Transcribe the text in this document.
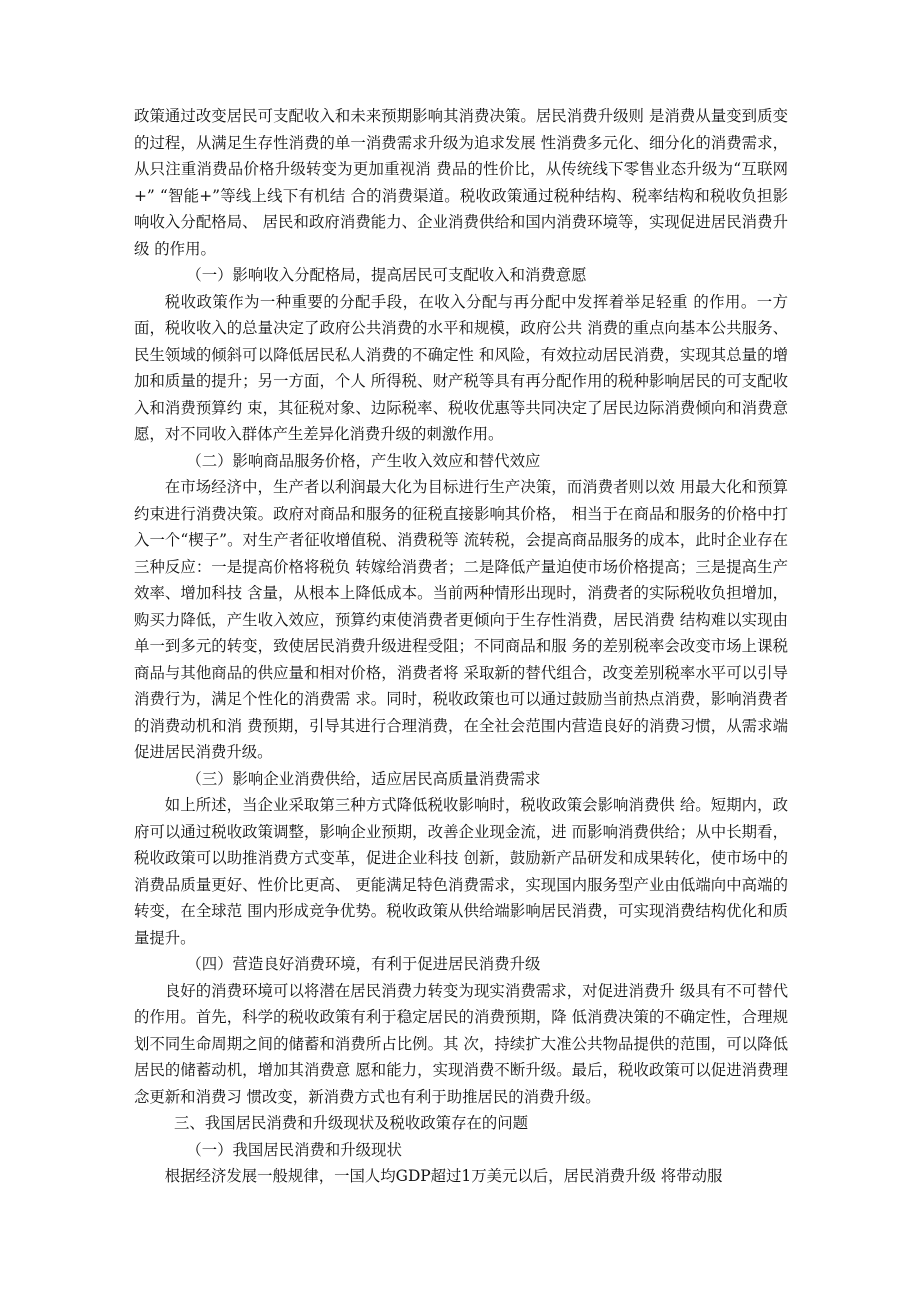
政策通过改变居民可支配收入和未来预期影响其消费决策。居民消费升级则 是消费从量变到质变的过程，从满足生存性消费的单一消费需求升级为追求发展 性消费多元化、细分化的消费需求，从只注重消费品价格升级转变为更加重视消 费品的性价比，从传统线下零售业态升级为“互联网+” “智能+”等线上线下有机结 合的消费渠道。税收政策通过税种结构、税率结构和税收负担影响收入分配格局、 居民和政府消费能力、企业消费供给和国内消费环境等，实现促进居民消费升级 的作用。

（一）影响收入分配格局，提高居民可支配收入和消费意愿

税收政策作为一种重要的分配手段，在收入分配与再分配中发挥着举足轻重 的作用。一方面，税收收入的总量决定了政府公共消费的水平和规模，政府公共 消费的重点向基本公共服务、民生领域的倾斜可以降低居民私人消费的不确定性 和风险，有效拉动居民消费，实现其总量的增加和质量的提升；另一方面，个人 所得税、财产税等具有再分配作用的税种影响居民的可支配收入和消费预算约 束，其征税对象、边际税率、税收优惠等共同决定了居民边际消费倾向和消费意 愿，对不同收入群体产生差异化消费升级的刺激作用。

（二）影响商品服务价格，产生收入效应和替代效应

在市场经济中，生产者以利润最大化为目标进行生产决策，而消费者则以效 用最大化和预算约束进行消费决策。政府对商品和服务的征税直接影响其价格， 相当于在商品和服务的价格中打入一个“楔子”。对生产者征收增值税、消费税等 流转税，会提高商品服务的成本，此时企业存在三种反应：一是提高价格将税负 转嫁给消费者；二是降低产量迫使市场价格提高；三是提高生产效率、增加科技 含量，从根本上降低成本。当前两种情形出现时，消费者的实际税收负担增加， 购买力降低，产生收入效应，预算约束使消费者更倾向于生存性消费，居民消费 结构难以实现由单一到多元的转变，致使居民消费升级进程受阻；不同商品和服 务的差别税率会改变市场上课税商品与其他商品的供应量和相对价格，消费者将 采取新的替代组合，改变差别税率水平可以引导消费行为，满足个性化的消费需 求。同时，税收政策也可以通过鼓励当前热点消费，影响消费者的消费动机和消 费预期，引导其进行合理消费，在全社会范围内营造良好的消费习惯，从需求端 促进居民消费升级。

（三）影响企业消费供给，适应居民高质量消费需求

如上所述，当企业采取第三种方式降低税收影响时，税收政策会影响消费供 给。短期内，政府可以通过税收政策调整，影响企业预期，改善企业现金流，进 而影响消费供给；从中长期看，税收政策可以助推消费方式变革，促进企业科技 创新，鼓励新产品研发和成果转化，使市场中的消费品质量更好、性价比更高、 更能满足特色消费需求，实现国内服务型产业由低端向中高端的转变，在全球范 围内形成竞争优势。税收政策从供给端影响居民消费，可实现消费结构优化和质 量提升。

（四）营造良好消费环境，有利于促进居民消费升级

良好的消费环境可以将潜在居民消费力转变为现实消费需求，对促进消费升 级具有不可替代的作用。首先，科学的税收政策有利于稳定居民的消费预期，降 低消费决策的不确定性，合理规划不同生命周期之间的储蓄和消费所占比例。其 次，持续扩大准公共物品提供的范围，可以降低居民的储蓄动机，增加其消费意 愿和能力，实现消费不断升级。最后，税收政策可以促进消费理念更新和消费习 惯改变，新消费方式也有利于助推居民的消费升级。

三、我国居民消费和升级现状及税收政策存在的问题

（一）我国居民消费和升级现状

根据经济发展一般规律，一国人均GDP超过1万美元以后，居民消费升级 将带动服
